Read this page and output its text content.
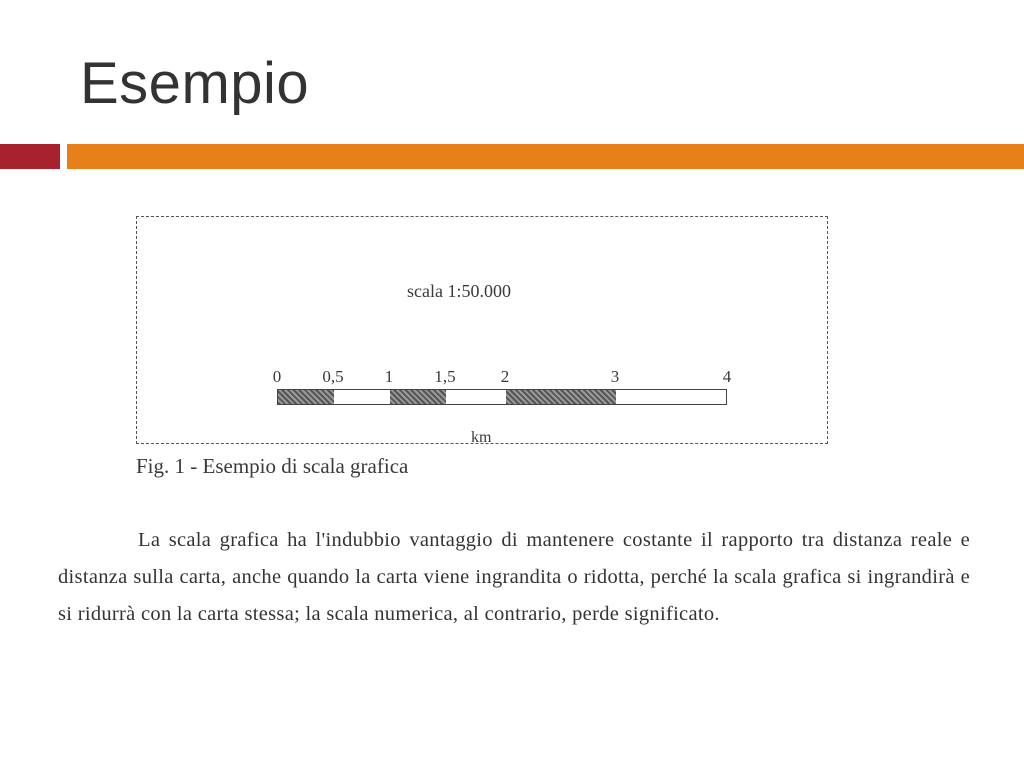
Esempio
scala 1:50.000
0 0,5 1 1,5	2	3	4
km

Fig. 1 - Esempio di scala grafica

La scala grafica ha l'indubbio vantaggio di mantenere costante il rapporto tra distanza reale e distanza sulla carta, anche quando la carta viene ingrandita o ridotta, perché la scala grafica si ingrandirà e si ridurrà con la carta stessa; la scala numerica, al contrario, perde significato.
